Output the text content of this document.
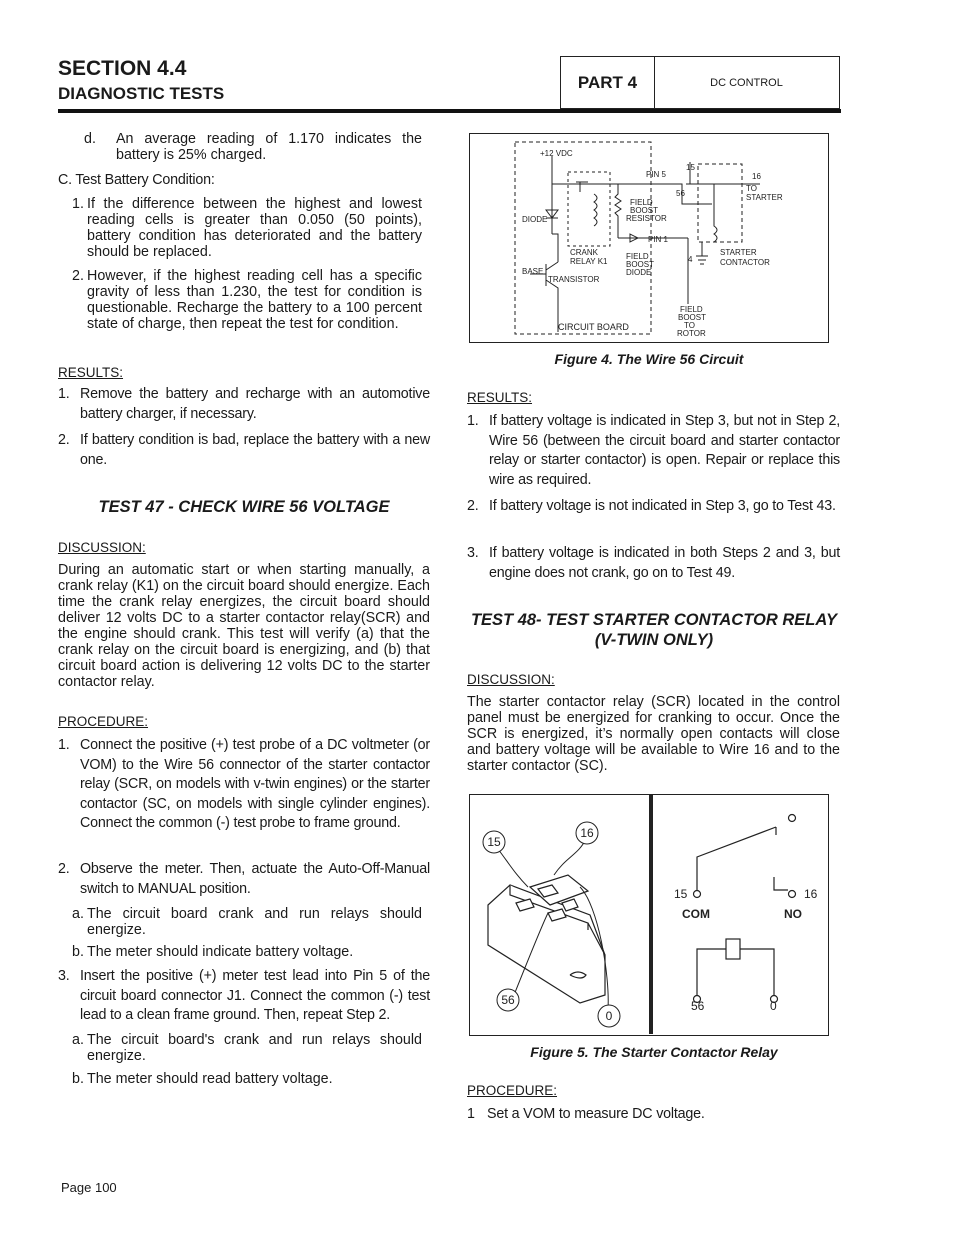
SECTION 4.4
DIAGNOSTIC TESTS
PART 4	DC CONTROL
d. An average reading of 1.170 indicates the battery is 25% charged.
C. Test Battery Condition:
1. If the difference between the highest and lowest reading cells is greater than 0.050 (50 points), battery condition has deteriorated and the battery should be replaced.
2. However, if the highest reading cell has a specific gravity of less than 1.230, the test for condition is questionable. Recharge the battery to a 100 percent state of charge, then repeat the test for condition.
RESULTS:
1. Remove the battery and recharge with an automotive battery charger, if necessary.
2. If battery condition is bad, replace the battery with a new one.
TEST 47 - CHECK WIRE 56 VOLTAGE
DISCUSSION:
During an automatic start or when starting manually, a crank relay (K1) on the circuit board should energize. Each time the crank relay energizes, the circuit board should deliver 12 volts DC to a starter contactor relay(SCR) and the engine should crank. This test will verify (a) that the crank relay on the circuit board is energizing, and (b) that circuit board action is delivering 12 volts DC to the starter contactor relay.
PROCEDURE:
1. Connect the positive (+) test probe of a DC voltmeter (or VOM) to the Wire 56 connector of the starter contactor relay (SCR, on models with v-twin engines) or the starter contactor (SC, on models with single cylinder engines). Connect the common (-) test probe to frame ground.
2. Observe the meter. Then, actuate the Auto-Off-Manual switch to MANUAL position.
a. The circuit board crank and run relays should energize.
b. The meter should indicate battery voltage.
3. Insert the positive (+) meter test lead into Pin 5 of the circuit board connector J1. Connect the common (-) test lead to a clean frame ground. Then, repeat Step 2.
a. The circuit board's crank and run relays should energize.
b. The meter should read battery voltage.
+12 VDC
PIN 5
15
56
16
TO
STARTER
FIELD
BOOST
RESISTOR
DIODE
CRANK
RELAY K1
PIN 1
FIELD
BOOST
DIODE
4
STARTER
CONTACTOR
BASE
TRANSISTOR
FIELD
BOOST
TO
ROTOR
CIRCUIT BOARD
Figure 4. The Wire 56 Circuit
RESULTS:
1. If battery voltage is indicated in Step 3, but not in Step 2, Wire 56 (between the circuit board and starter contactor relay or starter contactor) is open. Repair or replace this wire as required.
2. If battery voltage is not indicated in Step 3, go to Test 43.
3. If battery voltage is indicated in both Steps 2 and 3, but engine does not crank, go on to Test 49.
TEST 48- TEST STARTER CONTACTOR RELAY
(V-TWIN ONLY)
DISCUSSION:
The starter contactor relay (SCR) located in the control panel must be energized for cranking to occur. Once the SCR is energized, it’s normally open contacts will close and battery voltage will be available to Wire 16 and to the starter contactor (SC).
15
16
56
0
15	16
COM	NO
56	0
Figure 5. The Starter Contactor Relay
PROCEDURE:
1 Set a VOM to measure DC voltage.
Page 100
